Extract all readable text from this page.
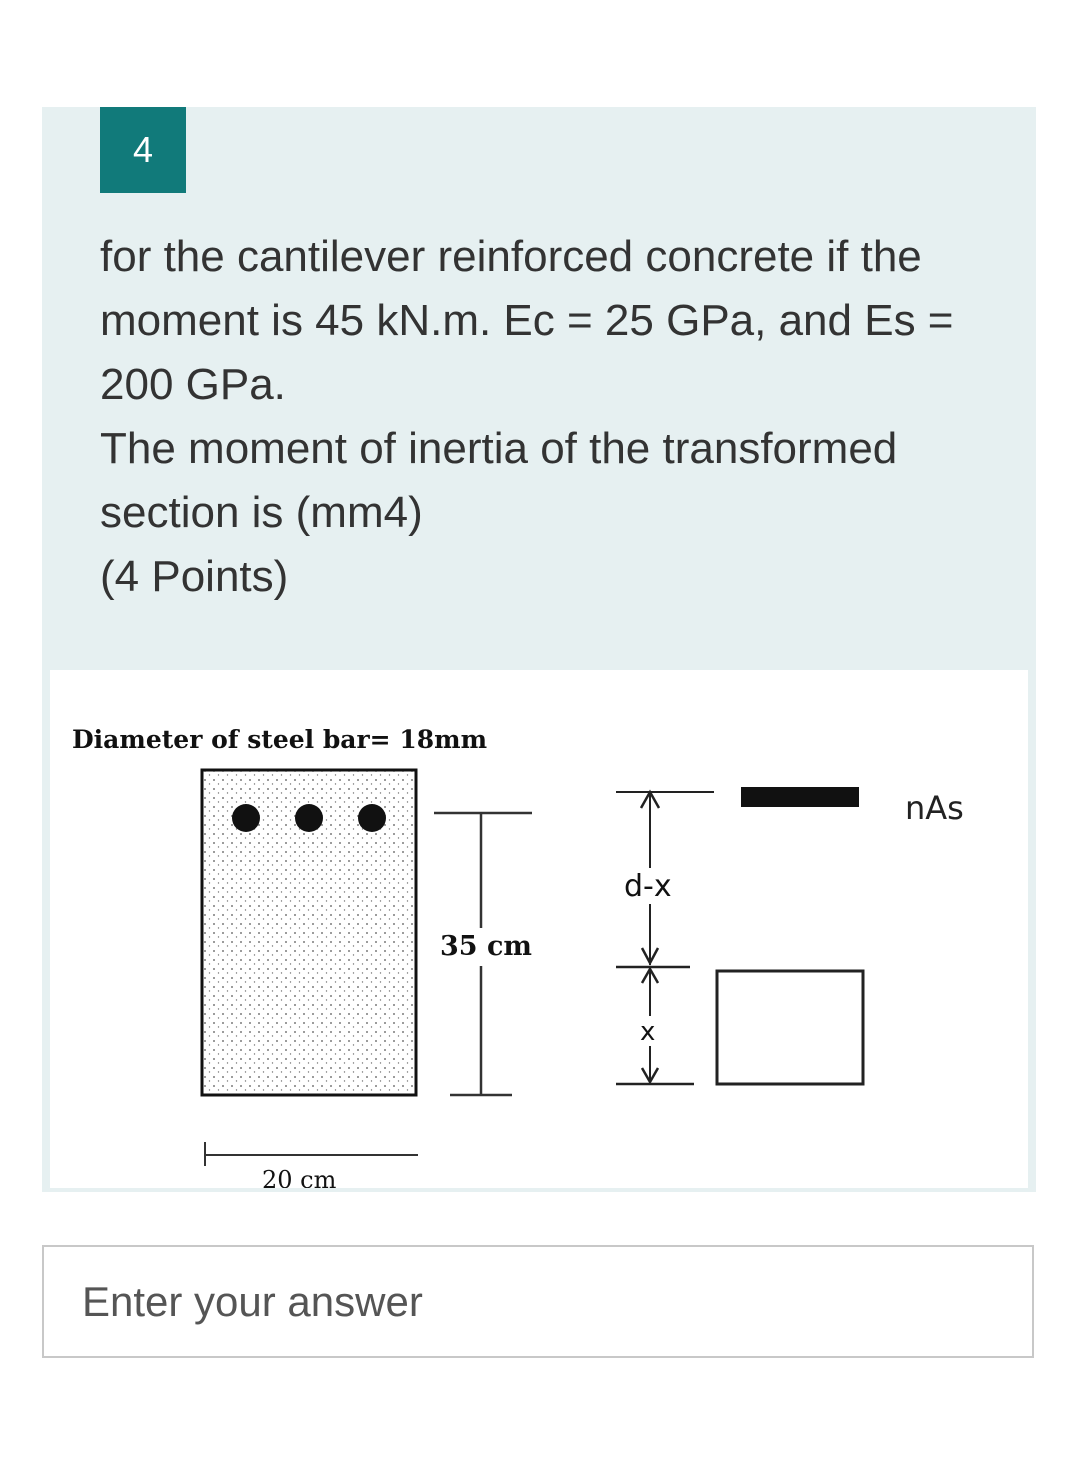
4

for the cantilever reinforced concrete if the moment is 45 kN.m. Ec = 25 GPa, and Es = 200 GPa.

The moment of inertia of the transformed section is (mm4)

(4 Points)

Diameter of steel bar= 18mm
35 cm
20 cm
d-x
x
nAs
Enter your answer
